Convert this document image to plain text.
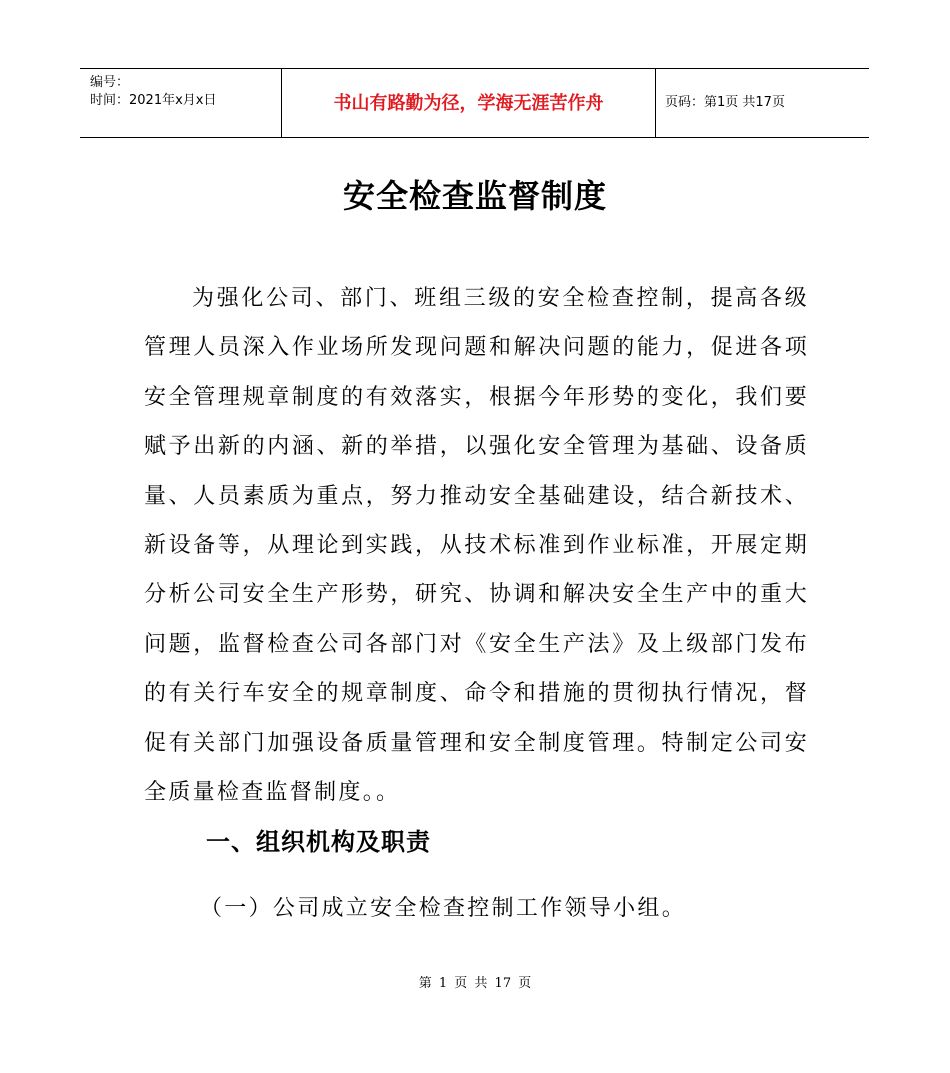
编号：
时间：2021年x月x日	书山有路勤为径，学海无涯苦作舟	页码：第1页 共17页
安全检查监督制度

为强化公司、部门、班组三级的安全检查控制，提高各级管理人员深入作业场所发现问题和解决问题的能力，促进各项安全管理规章制度的有效落实，根据今年形势的变化，我们要赋予出新的内涵、新的举措，以强化安全管理为基础、设备质量、人员素质为重点，努力推动安全基础建设，结合新技术、新设备等，从理论到实践，从技术标准到作业标准，开展定期分析公司安全生产形势，研究、协调和解决安全生产中的重大问题，监督检查公司各部门对《安全生产法》及上级部门发布的有关行车安全的规章制度、命令和措施的贯彻执行情况，督促有关部门加强设备质量管理和安全制度管理。特制定公司安全质量检查监督制度。。

一、组织机构及职责
（一）公司成立安全检查控制工作领导小组。
第 1 页 共 17 页
